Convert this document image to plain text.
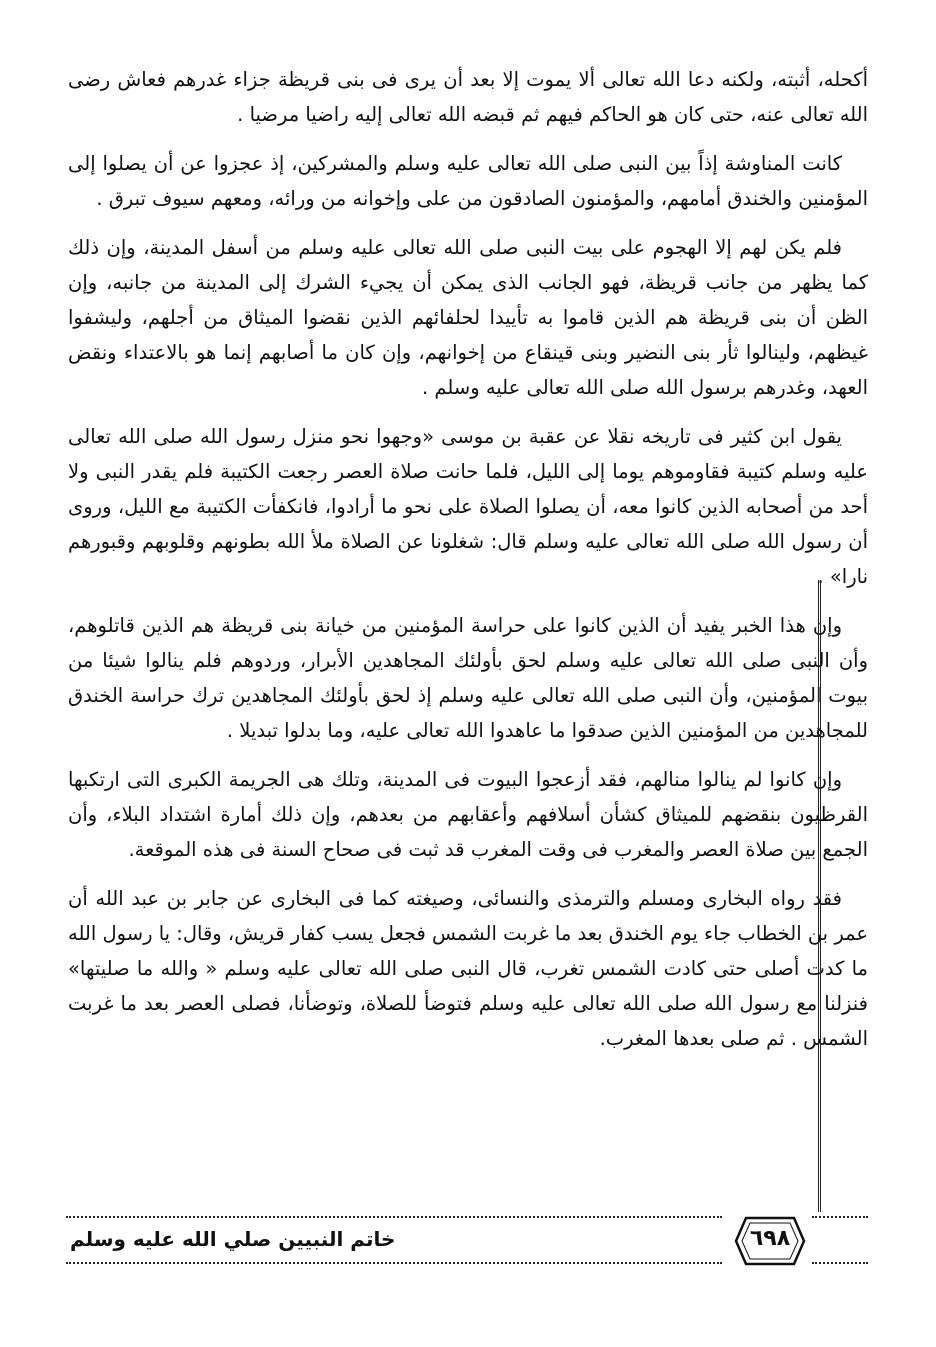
أكحله، أثبته، ولكنه دعا الله تعالى ألا يموت إلا بعد أن يرى فى بنى قريظة جزاء غدرهم فعاش رضى الله تعالى عنه، حتى كان هو الحاكم فيهم ثم قبضه الله تعالى إليه راضيا مرضيا .

كانت المناوشة إذاً بين النبى صلى الله تعالى عليه وسلم والمشركين، إذ عجزوا عن أن يصلوا إلى المؤمنين والخندق أمامهم، والمؤمنون الصادقون من على وإخوانه من ورائه، ومعهم سيوف تبرق .

فلم يكن لهم إلا الهجوم على بيت النبى صلى الله تعالى عليه وسلم من أسفل المدينة، وإن ذلك كما يظهر من جانب قريظة، فهو الجانب الذى يمكن أن يجيء الشرك إلى المدينة من جانبه، وإن الظن أن بنى قريظة هم الذين قاموا به تأييدا لحلفائهم الذين نقضوا الميثاق من أجلهم، وليشفوا غيظهم، ولينالوا ثأر بنى النضير وبنى قينقاع من إخوانهم، وإن كان ما أصابهم إنما هو بالاعتداء ونقض العهد، وغدرهم برسول الله صلى الله تعالى عليه وسلم .

يقول ابن كثير فى تاريخه نقلا عن عقبة بن موسى «وجهوا نحو منزل رسول الله صلى الله تعالى عليه وسلم كتيبة فقاوموهم يوما إلى الليل، فلما حانت صلاة العصر رجعت الكتيبة فلم يقدر النبى ولا أحد من أصحابه الذين كانوا معه، أن يصلوا الصلاة على نحو ما أرادوا، فانكفأت الكتيبة مع الليل، وروى أن رسول الله صلى الله تعالى عليه وسلم قال: شغلونا عن الصلاة ملأ الله بطونهم وقلوبهم وقبورهم نارا» .

وإن هذا الخبر يفيد أن الذين كانوا على حراسة المؤمنين من خيانة بنى قريظة هم الذين قاتلوهم، وأن النبى صلى الله تعالى عليه وسلم لحق بأولئك المجاهدين الأبرار، وردوهم فلم ينالوا شيئا من بيوت المؤمنين، وأن النبى صلى الله تعالى عليه وسلم إذ لحق بأولئك المجاهدين ترك حراسة الخندق للمجاهدين من المؤمنين الذين صدقوا ما عاهدوا الله تعالى عليه، وما بدلوا تبديلا .

وإن كانوا لم ينالوا منالهم، فقد أزعجوا البيوت فى المدينة، وتلك هى الجريمة الكبرى التى ارتكبها القرظيون بنقضهم للميثاق كشأن أسلافهم وأعقابهم من بعدهم، وإن ذلك أمارة اشتداد البلاء، وأن الجمع بين صلاة العصر والمغرب فى وقت المغرب قد ثبت فى صحاح السنة فى هذه الموقعة.

فقد رواه البخارى ومسلم والترمذى والنسائى، وصيغته كما فى البخارى عن جابر بن عبد الله أن عمر بن الخطاب جاء يوم الخندق بعد ما غربت الشمس فجعل يسب كفار قريش، وقال: يا رسول الله ما كدت أصلى حتى كادت الشمس تغرب، قال النبى صلى الله تعالى عليه وسلم « والله ما صليتها» فنزلنا مع رسول الله صلى الله تعالى عليه وسلم فتوضأ للصلاة، وتوضأنا، فصلى العصر بعد ما غربت الشمس . ثم صلى بعدها المغرب.

خاتم النبيين صلي الله عليه وسلم	٦٩٨
